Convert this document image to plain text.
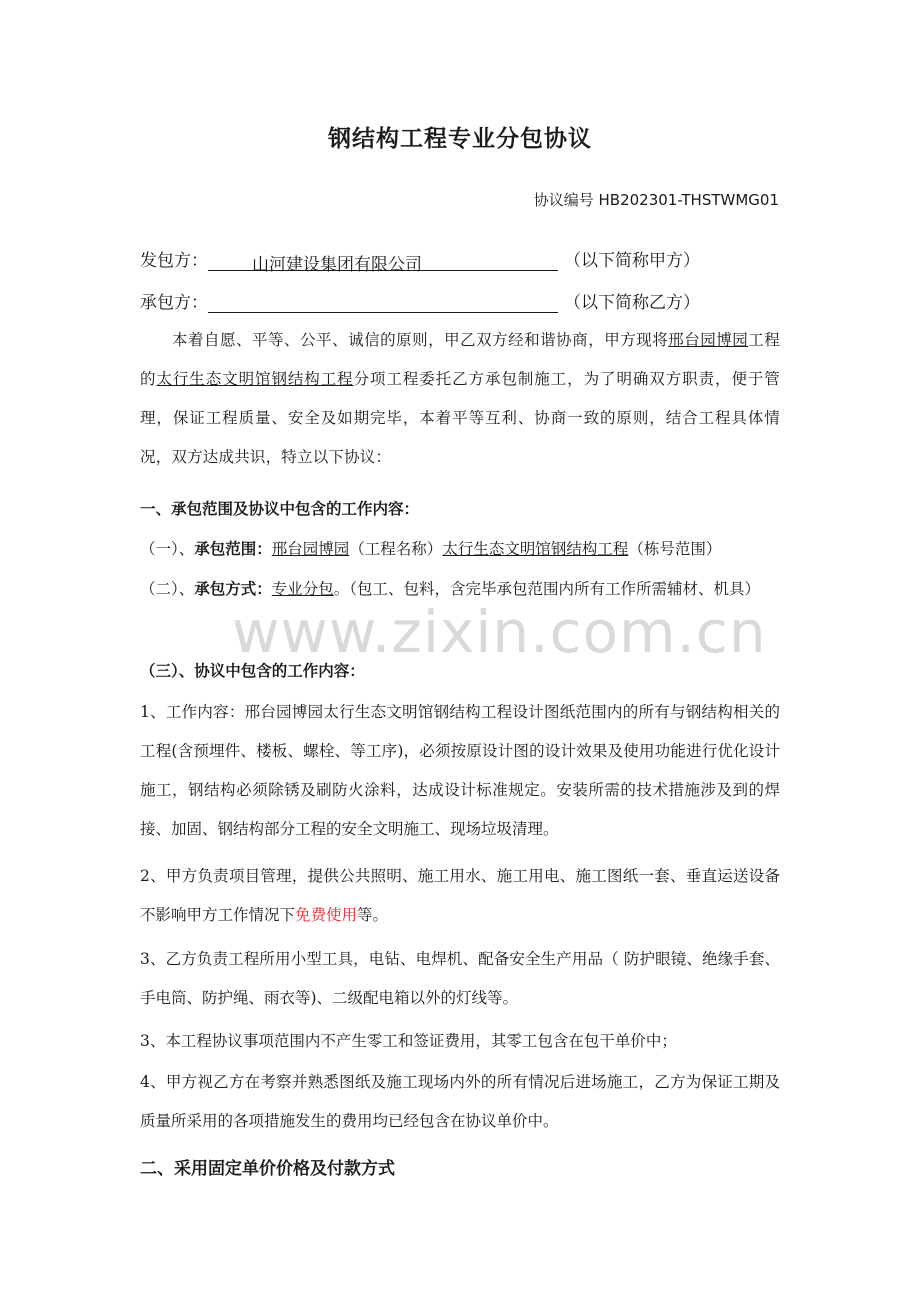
钢结构工程专业分包协议
协议编号 HB202301-THSTWMG01
发包方：	山河建设集团有限公司	（以下简称甲方）
承包方：	（以下简称乙方）
本着自愿、平等、公平、诚信的原则，甲乙双方经和谐协商，甲方现将邢台园博园工程的太行生态文明馆钢结构工程分项工程委托乙方承包制施工，为了明确双方职责，便于管理，保证工程质量、安全及如期完毕，本着平等互利、协商一致的原则，结合工程具体情况，双方达成共识，特立以下协议：
一、承包范围及协议中包含的工作内容：
（一）、承包范围：邢台园博园（工程名称）太行生态文明馆钢结构工程（栋号范围）
（二）、承包方式：专业分包。（包工、包料，含完毕承包范围内所有工作所需辅材、机具）
（三）、协议中包含的工作内容：
1、工作内容：邢台园博园太行生态文明馆钢结构工程设计图纸范围内的所有与钢结构相关的工程(含预埋件、楼板、螺栓、等工序)，必须按原设计图的设计效果及使用功能进行优化设计施工，钢结构必须除锈及刷防火涂料，达成设计标准规定。安装所需的技术措施涉及到的焊接、加固、钢结构部分工程的安全文明施工、现场垃圾清理。
2、甲方负责项目管理，提供公共照明、施工用水、施工用电、施工图纸一套、垂直运送设备不影响甲方工作情况下免费使用等。
3、乙方负责工程所用小型工具，电钻、电焊机、配备安全生产用品（ 防护眼镜、绝缘手套、手电筒、防护绳、雨衣等)、二级配电箱以外的灯线等。
3、本工程协议事项范围内不产生零工和签证费用，其零工包含在包干单价中；
4、甲方视乙方在考察并熟悉图纸及施工现场内外的所有情况后进场施工，乙方为保证工期及质量所采用的各项措施发生的费用均已经包含在协议单价中。
二、采用固定单价价格及付款方式
www.zixin.com.cn
